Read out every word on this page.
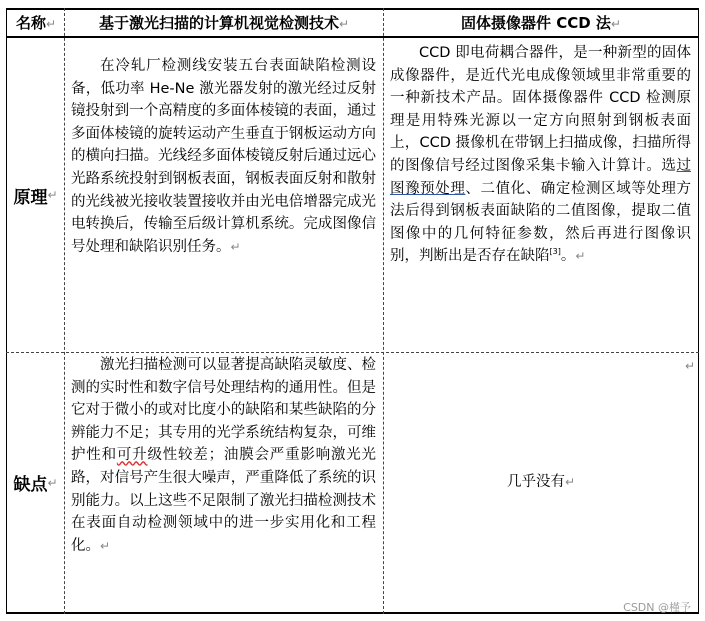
名称↵	基于激光扫描的计算机视觉检测技术↵	固体摄像器件 CCD 法↵
原理 ↵

在冷轧厂检测线安装五台表面缺陷检测设备，低功率 He-Ne 激光器发射的激光经过反射镜投射到一个高精度的多面体棱镜的表面，通过多面体棱镜的旋转运动产生垂直于钢板运动方向的横向扫描。光线经多面体棱镜反射后通过远心光路系统投射到钢板表面，钢板表面反射和散射的光线被光接收装置接收并由光电倍增器完成光电转换后，传输至后级计算机系统。完成图像信号处理和缺陷识别任务。↵

CCD 即电荷耦合器件，是一种新型的固体成像器件，是近代光电成像领域里非常重要的一种新技术产品。固体摄像器件 CCD 检测原理是用特殊光源以一定方向照射到钢板表面上，CCD 摄像机在带钢上扫描成像，扫描所得的图像信号经过图像采集卡输入计算计。选过图豫预处理、二值化、确定检测区域等处理方法后得到钢板表面缺陷的二值图像，提取二值图像中的几何特征参数，然后再进行图像识别，判断出是否存在缺陷[3]。↵

缺点 ↵

激光扫描检测可以显著提高缺陷灵敏度、检测的实时性和数字信号处理结构的通用性。但是它对于微小的或对比度小的缺陷和某些缺陷的分辨能力不足；其专用的光学系统结构复杂，可维护性和可升级性较差；油膜会严重影响激光光路，对信号产生很大噪声，严重降低了系统的识别能力。以上这些不足限制了激光扫描检测技术在表面自动检测领域中的进一步实用化和工程化。↵

↵
几乎没有↵
CSDN @槿予
